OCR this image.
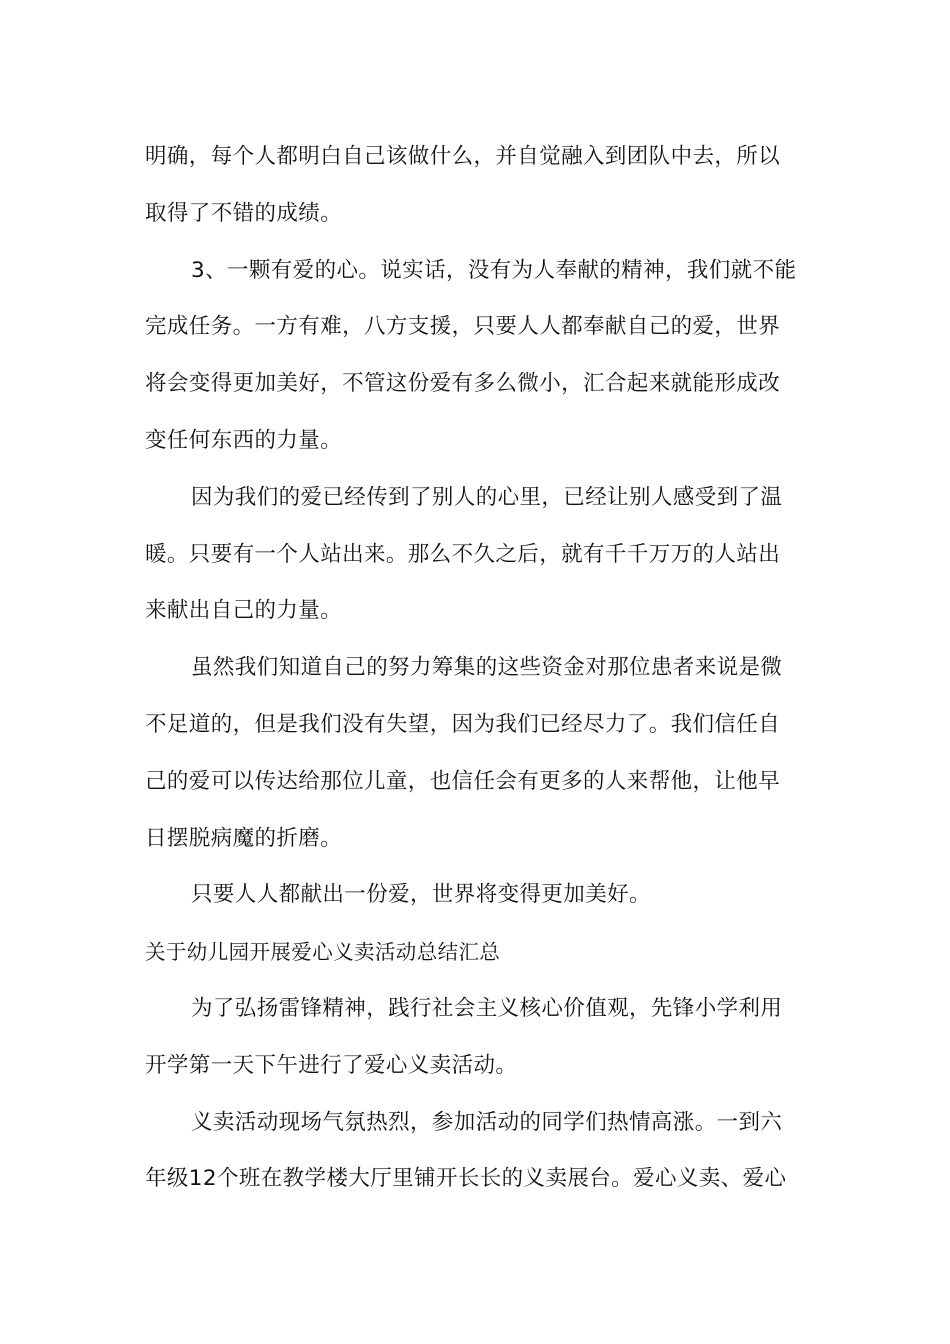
明确，每个人都明白自己该做什么，并自觉融入到团队中去，所以
取得了不错的成绩。
3、一颗有爱的心。说实话，没有为人奉献的精神，我们就不能
完成任务。一方有难，八方支援，只要人人都奉献自己的爱，世界
将会变得更加美好，不管这份爱有多么微小，汇合起来就能形成改
变任何东西的力量。
因为我们的爱已经传到了别人的心里，已经让别人感受到了温
暖。只要有一个人站出来。那么不久之后，就有千千万万的人站出
来献出自己的力量。
虽然我们知道自己的努力筹集的这些资金对那位患者来说是微
不足道的，但是我们没有失望，因为我们已经尽力了。我们信任自
己的爱可以传达给那位儿童，也信任会有更多的人来帮他，让他早
日摆脱病魔的折磨。
只要人人都献出一份爱，世界将变得更加美好。
关于幼儿园开展爱心义卖活动总结汇总
为了弘扬雷锋精神，践行社会主义核心价值观，先锋小学利用
开学第一天下午进行了爱心义卖活动。
义卖活动现场气氛热烈，参加活动的同学们热情高涨。一到六
年级12个班在教学楼大厅里铺开长长的义卖展台。爱心义卖、爱心
